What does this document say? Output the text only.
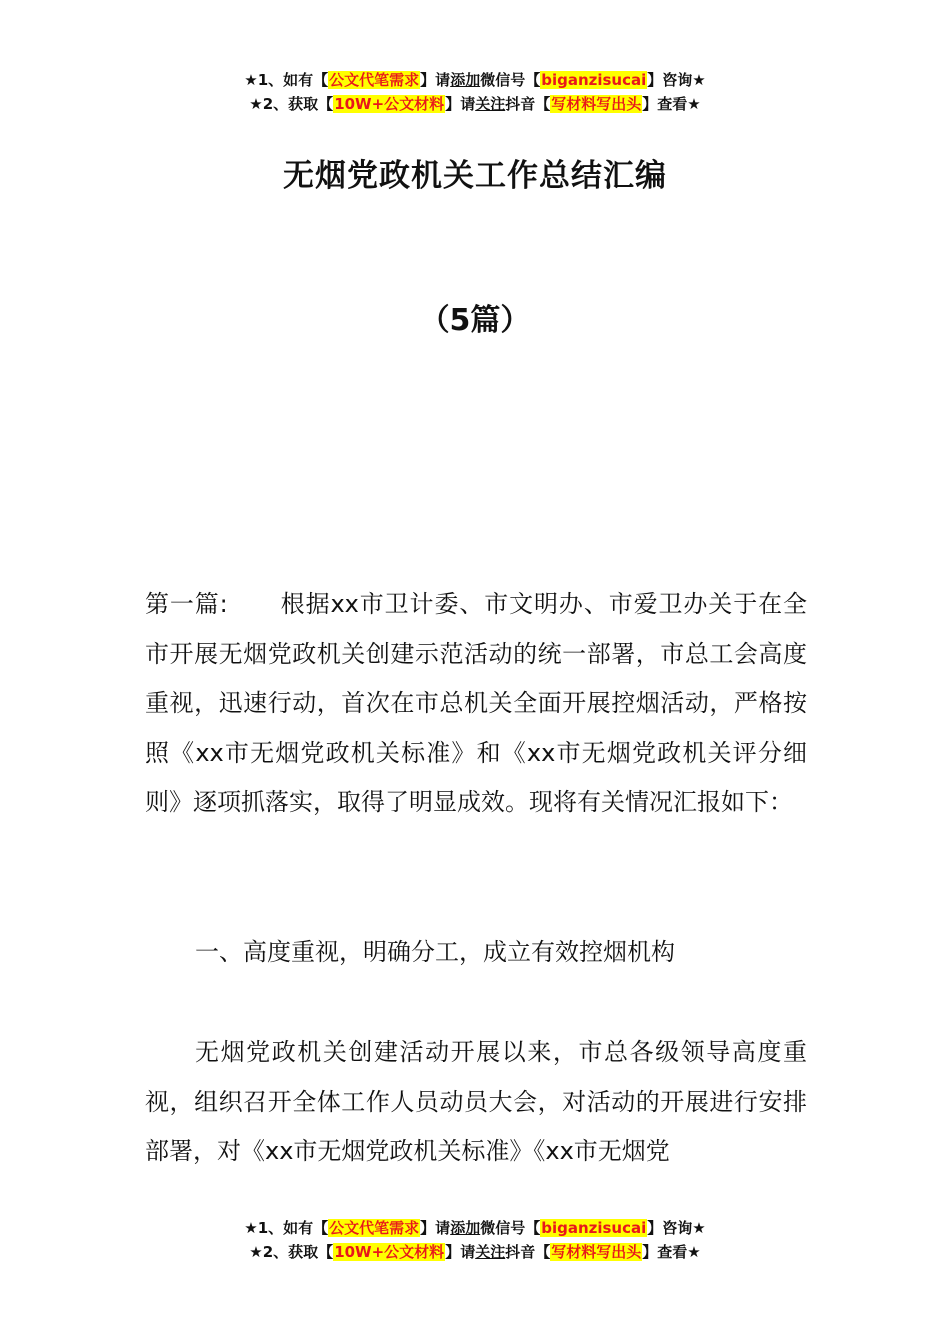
★1、如有【公文代笔需求】请添加微信号【biganzisucai】咨询★
★2、获取【10W+公文材料】请关注抖音【写材料写出头】查看★
无烟党政机关工作总结汇编
（5篇）

第一篇: 根据xx市卫计委、市文明办、市爱卫办关于在全市开展无烟党政机关创建示范活动的统一部署，市总工会高度重视，迅速行动，首次在市总机关全面开展控烟活动，严格按照《xx市无烟党政机关标准》和《xx市无烟党政机关评分细则》逐项抓落实，取得了明显成效。现将有关情况汇报如下：

一、高度重视，明确分工，成立有效控烟机构

无烟党政机关创建活动开展以来，市总各级领导高度重视，组织召开全体工作人员动员大会，对活动的开展进行安排部署，对《xx市无烟党政机关标准》《xx市无烟党

★1、如有【公文代笔需求】请添加微信号【biganzisucai】咨询★
★2、获取【10W+公文材料】请关注抖音【写材料写出头】查看★
